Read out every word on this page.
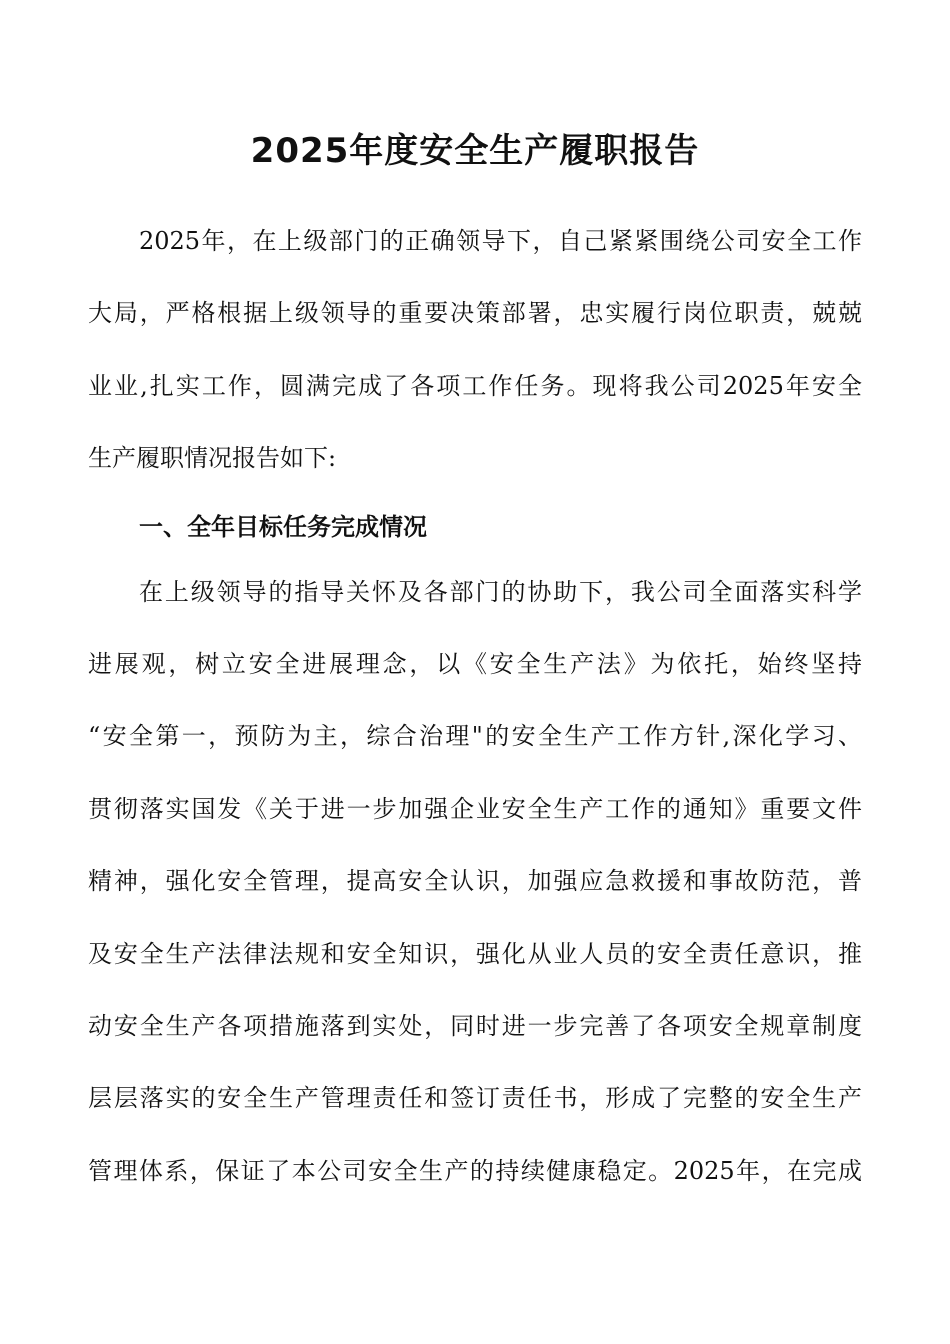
2025年度安全生产履职报告
2025年，在上级部门的正确领导下，自己紧紧围绕公司安全工作
大局，严格根据上级领导的重要决策部署，忠实履行岗位职责，兢兢
业业,扎实工作，圆满完成了各项工作任务。现将我公司2025年安全
生产履职情况报告如下:
一、全年目标任务完成情况
在上级领导的指导关怀及各部门的协助下，我公司全面落实科学
进展观，树立安全进展理念，以《安全生产法》为依托，始终坚持
“安全第一，预防为主，综合治理"的安全生产工作方针,深化学习、
贯彻落实国发《关于进一步加强企业安全生产工作的通知》重要文件
精神，强化安全管理，提高安全认识，加强应急救援和事故防范，普
及安全生产法律法规和安全知识，强化从业人员的安全责任意识，推
动安全生产各项措施落到实处，同时进一步完善了各项安全规章制度
层层落实的安全生产管理责任和签订责任书，形成了完整的安全生产
管理体系，保证了本公司安全生产的持续健康稳定。2025年，在完成
